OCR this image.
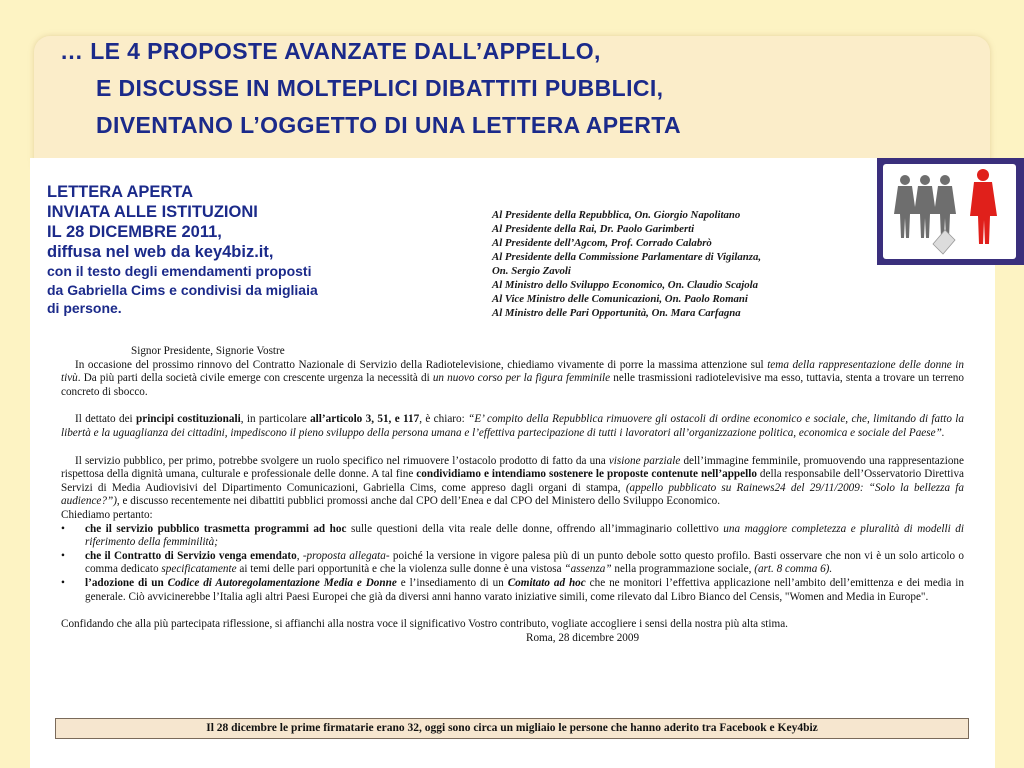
… LE 4 PROPOSTE AVANZATE DALL’APPELLO,
E DISCUSSE IN MOLTEPLICI DIBATTITI PUBBLICI,
DIVENTANO L’OGGETTO DI UNA LETTERA APERTA
LETTERA APERTA
INVIATA ALLE ISTITUZIONI
IL 28 DICEMBRE 2011,
diffusa nel web da key4biz.it,
con il testo degli emendamenti proposti
da Gabriella Cims e condivisi da migliaia
di persone.
Al Presidente della Repubblica, On. Giorgio Napolitano
Al Presidente della Rai, Dr. Paolo Garimberti
Al Presidente dell’Agcom, Prof. Corrado Calabrò
Al Presidente della Commissione Parlamentare di Vigilanza,
On. Sergio Zavoli
Al Ministro dello Sviluppo Economico, On. Claudio Scajola
Al Vice Ministro delle Comunicazioni, On. Paolo Romani
Al Ministro delle Pari Opportunità, On. Mara Carfagna

Signor Presidente, Signorie Vostre

In occasione del prossimo rinnovo del Contratto Nazionale di Servizio della Radiotelevisione, chiediamo vivamente di porre la massima attenzione sul tema della rappresentazione delle donne in tivù. Da più parti della società civile emerge con crescente urgenza la necessità di un nuovo corso per la figura femminile nelle trasmissioni radiotelevisive ma esso, tuttavia, stenta a trovare un terreno concreto di sbocco.

Il dettato dei principi costituzionali, in particolare all’articolo 3, 51, e 117, è chiaro: “E’ compito della Repubblica rimuovere gli ostacoli di ordine economico e sociale, che, limitando di fatto la libertà e la uguaglianza dei cittadini, impediscono il pieno sviluppo della persona umana e l’effettiva partecipazione di tutti i lavoratori all’organizzazione politica, economica e sociale del Paese”.

Il servizio pubblico, per primo, potrebbe svolgere un ruolo specifico nel rimuovere l’ostacolo prodotto di fatto da una visione parziale dell’immagine femminile, promuovendo una rappresentazione rispettosa della dignità umana, culturale e professionale delle donne. A tal fine condividiamo e intendiamo sostenere le proposte contenute nell’appello della responsabile dell’Osservatorio Direttiva Servizi di Media Audiovisivi del Dipartimento Comunicazioni, Gabriella Cims, come appreso dagli organi di stampa, (appello pubblicato su Rainews24 del 29/11/2009: “Solo la bellezza fa audience?”), e discusso recentemente nei dibattiti pubblici promossi anche dal CPO dell’Enea e dal CPO del Ministero dello Sviluppo Economico.

Chiediamo pertanto:

• che il servizio pubblico trasmetta programmi ad hoc sulle questioni della vita reale delle donne, offrendo all’immaginario collettivo una maggiore completezza e pluralità di modelli di riferimento della femminilità;
• che il Contratto di Servizio venga emendato, -proposta allegata- poiché la versione in vigore palesa più di un punto debole sotto questo profilo. Basti osservare che non vi è un solo articolo o comma dedicato specificatamente ai temi delle pari opportunità e che la violenza sulle donne è una vistosa “assenza” nella programmazione sociale, (art. 8 comma 6).
• l’adozione di un Codice di Autoregolamentazione Media e Donne e l’insediamento di un Comitato ad hoc che ne monitori l’effettiva applicazione nell’ambito dell’emittenza e dei media in generale. Ciò avvicinerebbe l’Italia agli altri Paesi Europei che già da diversi anni hanno varato iniziative simili, come rilevato dal Libro Bianco del Censis, "Women and Media in Europe".

Confidando che alla più partecipata riflessione, si affianchi alla nostra voce il significativo Vostro contributo, vogliate accogliere i sensi della nostra più alta stima.

Roma, 28 dicembre 2009

Il 28 dicembre le prime firmatarie erano 32, oggi sono circa un migliaio le persone che hanno aderito tra Facebook e Key4biz
